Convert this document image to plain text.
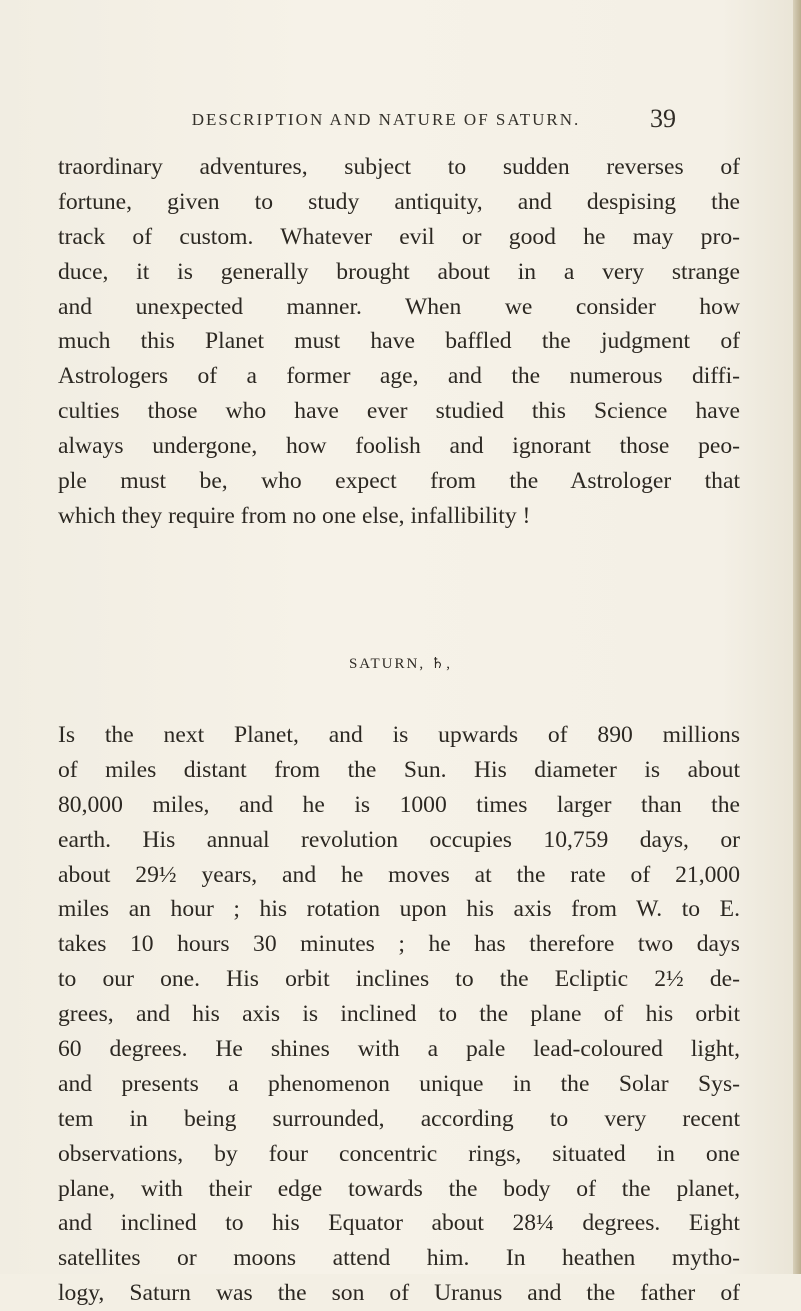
DESCRIPTION AND NATURE OF SATURN.	39
traordinary adventures, subject to sudden reverses of
fortune, given to study antiquity, and despising the
track of custom. Whatever evil or good he may pro-
duce, it is generally brought about in a very strange
and unexpected manner. When we consider how
much this Planet must have baffled the judgment of
Astrologers of a former age, and the numerous diffi-
culties those who have ever studied this Science have
always undergone, how foolish and ignorant those peo-
ple must be, who expect from the Astrologer that
which they require from no one else, infallibility !
SATURN, ♄,
Is the next Planet, and is upwards of 890 millions
of miles distant from the Sun. His diameter is about
80,000 miles, and he is 1000 times larger than the
earth. His annual revolution occupies 10,759 days, or
about 29½ years, and he moves at the rate of 21,000
miles an hour ; his rotation upon his axis from W. to E.
takes 10 hours 30 minutes ; he has therefore two days
to our one. His orbit inclines to the Ecliptic 2½ de-
grees, and his axis is inclined to the plane of his orbit
60 degrees. He shines with a pale lead-coloured light,
and presents a phenomenon unique in the Solar Sys-
tem in being surrounded, according to very recent
observations, by four concentric rings, situated in one
plane, with their edge towards the body of the planet,
and inclined to his Equator about 28¼ degrees. Eight
satellites or moons attend him. In heathen mytho-
logy, Saturn was the son of Uranus and the father of
